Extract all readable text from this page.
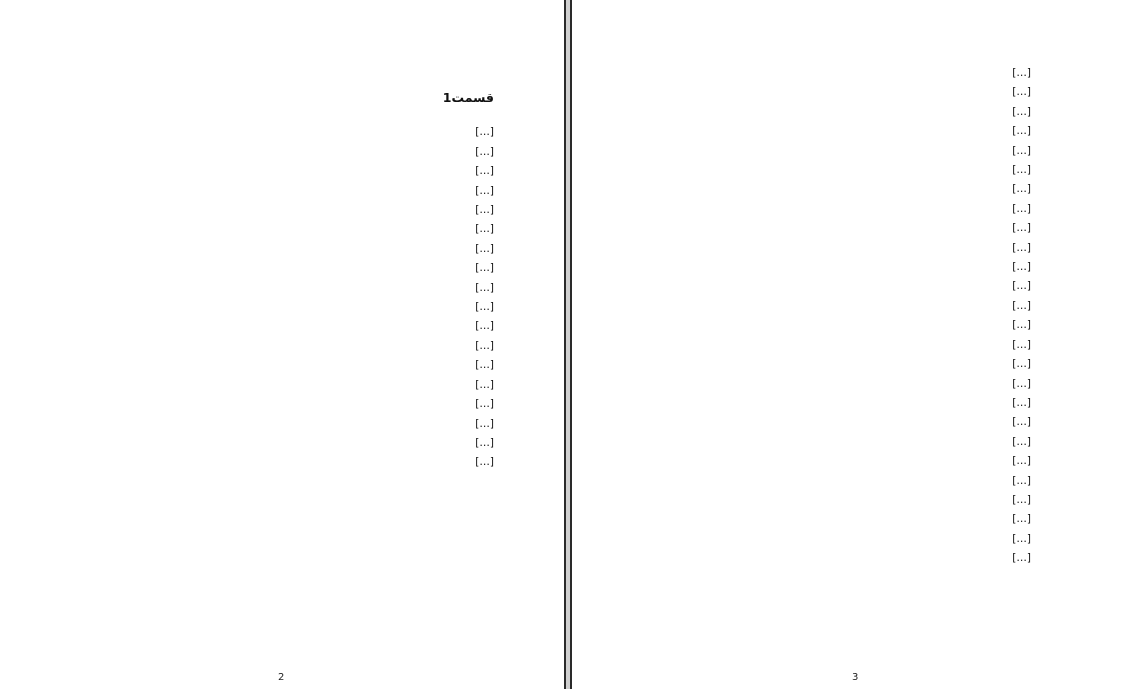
قسمت1

[…]

[…]

[…]

[…]

[…]

[…]

[…]

[…]

[…]

[…]

[…]

[…]

[…]

[…]

[…]

[…]

[…]

[…]

2

[…]

[…]

[…]

[…]

[…]

[…]

[…]

[…]

[…]

[…]

[…]

[…]

[…]

[…]

[…]

[…]

[…]

[…]

[…]

[…]

[…]

[…]

[…]

[…]

[…]

[…]

3
